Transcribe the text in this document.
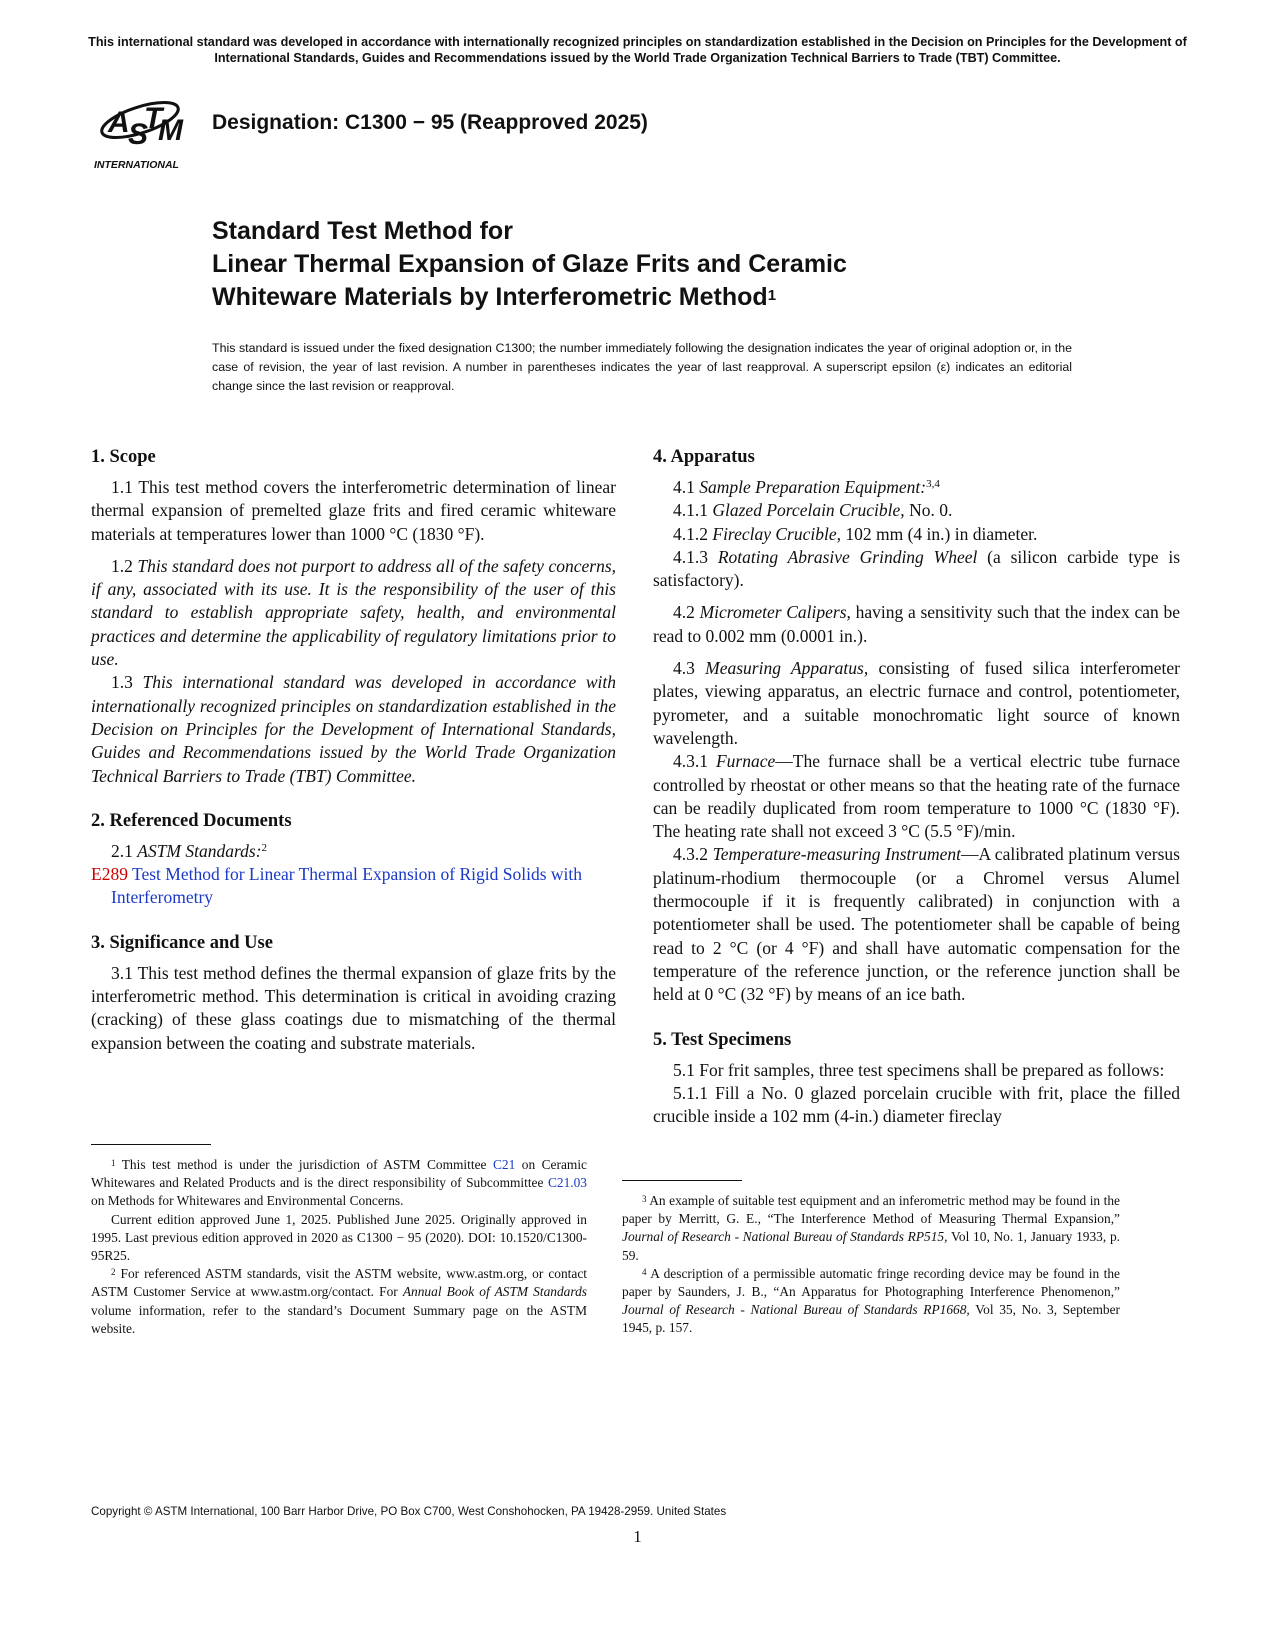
This international standard was developed in accordance with internationally recognized principles on standardization established in the Decision on Principles for the Development of International Standards, Guides and Recommendations issued by the World Trade Organization Technical Barriers to Trade (TBT) Committee.
A
S
T
M
INTERNATIONAL
Designation: C1300 − 95 (Reapproved 2025)
Standard Test Method for
Linear Thermal Expansion of Glaze Frits and Ceramic
Whiteware Materials by Interferometric Method$^1$
This standard is issued under the fixed designation C1300; the number immediately following the designation indicates the year of original adoption or, in the case of revision, the year of last revision. A number in parentheses indicates the year of last reapproval. A superscript epsilon (ε) indicates an editorial change since the last revision or reapproval.
1. Scope

1.1 This test method covers the interferometric determination of linear thermal expansion of premelted glaze frits and fired ceramic whiteware materials at temperatures lower than 1000 °C (1830 °F).

1.2 This standard does not purport to address all of the safety concerns, if any, associated with its use. It is the responsibility of the user of this standard to establish appropriate safety, health, and environmental practices and determine the applicability of regulatory limitations prior to use.

1.3 This international standard was developed in accordance with internationally recognized principles on standardization established in the Decision on Principles for the Development of International Standards, Guides and Recommendations issued by the World Trade Organization Technical Barriers to Trade (TBT) Committee.

2. Referenced Documents

2.1 ASTM Standards:$^2$

E289 Test Method for Linear Thermal Expansion of Rigid Solids with Interferometry
3. Significance and Use

3.1 This test method defines the thermal expansion of glaze frits by the interferometric method. This determination is critical in avoiding crazing (cracking) of these glass coatings due to mismatching of the thermal expansion between the coating and substrate materials.

4. Apparatus

4.1 Sample Preparation Equipment:$^{3,4}$

4.1.1 Glazed Porcelain Crucible, No. 0.

4.1.2 Fireclay Crucible, 102 mm (4 in.) in diameter.

4.1.3 Rotating Abrasive Grinding Wheel (a silicon carbide type is satisfactory).

4.2 Micrometer Calipers, having a sensitivity such that the index can be read to 0.002 mm (0.0001 in.).

4.3 Measuring Apparatus, consisting of fused silica interferometer plates, viewing apparatus, an electric furnace and control, potentiometer, pyrometer, and a suitable monochromatic light source of known wavelength.

4.3.1 Furnace—The furnace shall be a vertical electric tube furnace controlled by rheostat or other means so that the heating rate of the furnace can be readily duplicated from room temperature to 1000 °C (1830 °F). The heating rate shall not exceed 3 °C (5.5 °F)/min.

4.3.2 Temperature-measuring Instrument—A calibrated platinum versus platinum-rhodium thermocouple (or a Chromel versus Alumel thermocouple if it is frequently calibrated) in conjunction with a potentiometer shall be used. The potentiometer shall be capable of being read to 2 °C (or 4 °F) and shall have automatic compensation for the temperature of the reference junction, or the reference junction shall be held at 0 °C (32 °F) by means of an ice bath.

5. Test Specimens

5.1 For frit samples, three test specimens shall be prepared as follows:

5.1.1 Fill a No. 0 glazed porcelain crucible with frit, place the filled crucible inside a 102 mm (4-in.) diameter fireclay

$^1$ This test method is under the jurisdiction of ASTM Committee C21 on Ceramic Whitewares and Related Products and is the direct responsibility of Subcommittee C21.03 on Methods for Whitewares and Environmental Concerns.

Current edition approved June 1, 2025. Published June 2025. Originally approved in 1995. Last previous edition approved in 2020 as C1300 − 95 (2020). DOI: 10.1520/C1300-95R25.

$^2$ For referenced ASTM standards, visit the ASTM website, www.astm.org, or contact ASTM Customer Service at www.astm.org/contact. For Annual Book of ASTM Standards volume information, refer to the standard’s Document Summary page on the ASTM website.

$^3$ An example of suitable test equipment and an inferometric method may be found in the paper by Merritt, G. E., “The Interference Method of Measuring Thermal Expansion,” Journal of Research - National Bureau of Standards RP515, Vol 10, No. 1, January 1933, p. 59.

$^4$ A description of a permissible automatic fringe recording device may be found in the paper by Saunders, J. B., “An Apparatus for Photographing Interference Phenomenon,” Journal of Research - National Bureau of Standards RP1668, Vol 35, No. 3, September 1945, p. 157.

Copyright © ASTM International, 100 Barr Harbor Drive, PO Box C700, West Conshohocken, PA 19428-2959. United States
1
